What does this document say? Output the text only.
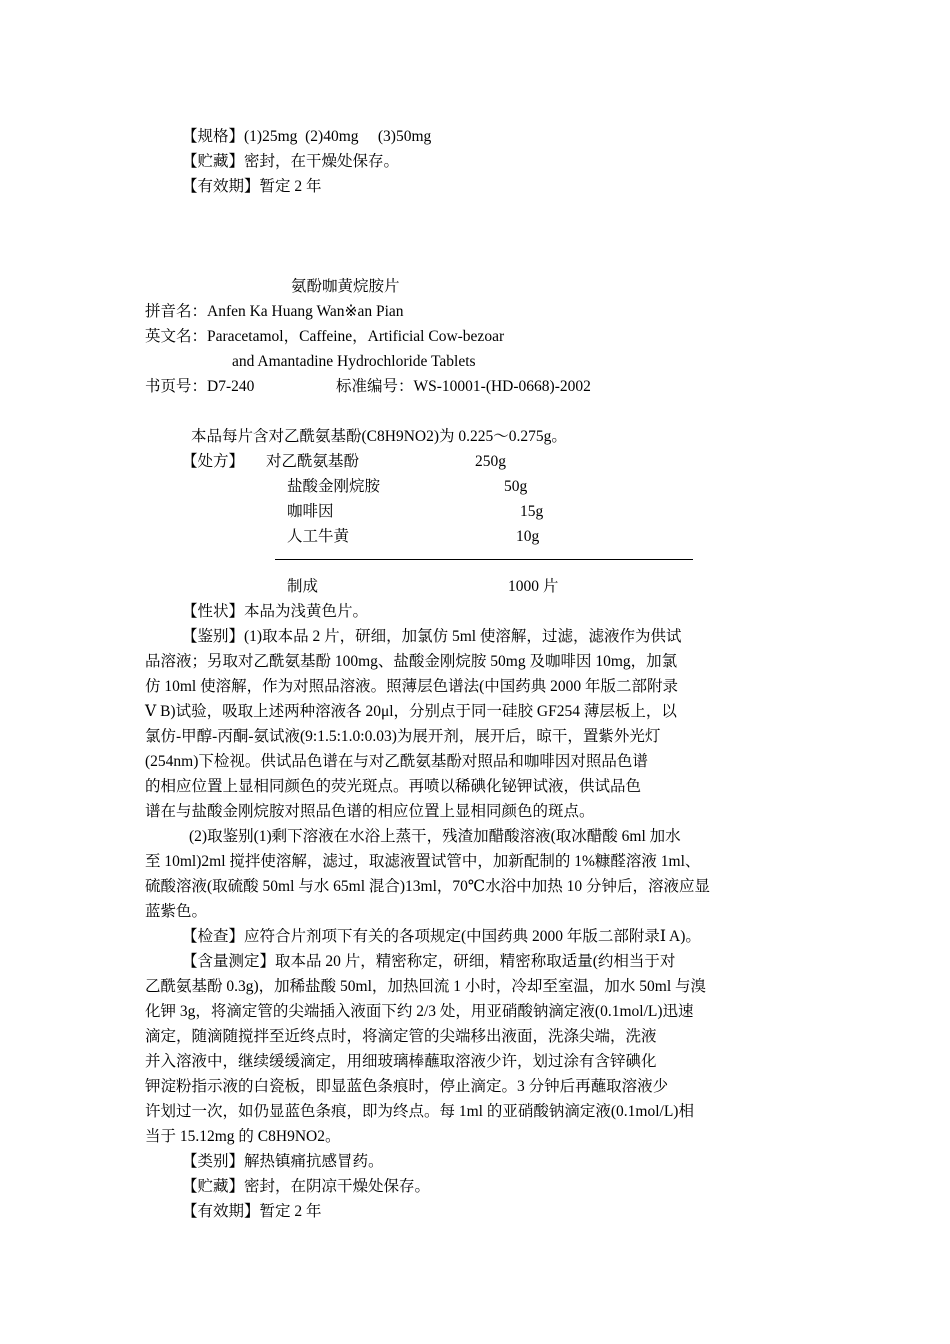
【规格】(1)25mg  (2)40mg     (3)50mg
【贮藏】密封，在干燥处保存。
【有效期】暂定 2 年
氨酚咖黄烷胺片
拼音名：Anfen Ka Huang Wan※an Pian
英文名：Paracetamol，Caffeine，Artificial Cow-bezoar
and Amantadine Hydrochloride Tablets
书页号：D7-240	标准编号：WS-10001-(HD-0668)-2002
本品每片含对乙酰氨基酚(C8H9NO2)为 0.225～0.275g。
【处方】 对乙酰氨基酚	250g
盐酸金刚烷胺	50g
咖啡因	15g
人工牛黄	10g
制成	1000 片
【性状】本品为浅黄色片。
【鉴别】(1)取本品 2 片，研细，加氯仿 5ml 使溶解，过滤，滤液作为供试
品溶液；另取对乙酰氨基酚 100mg、盐酸金刚烷胺 50mg 及咖啡因 10mg，加氯
仿 10ml 使溶解，作为对照品溶液。照薄层色谱法(中国药典 2000 年版二部附录
Ⅴ B)试验，吸取上述两种溶液各 20μl，分别点于同一硅胶 GF254 薄层板上，以
氯仿-甲醇-丙酮-氨试液(9:1.5:1.0:0.03)为展开剂，展开后，晾干，置紫外光灯
(254nm)下检视。供试品色谱在与对乙酰氨基酚对照品和咖啡因对照品色谱
的相应位置上显相同颜色的荧光斑点。再喷以稀碘化铋钾试液，供试品色
谱在与盐酸金刚烷胺对照品色谱的相应位置上显相同颜色的斑点。
(2)取鉴别(1)剩下溶液在水浴上蒸干，残渣加醋酸溶液(取冰醋酸 6ml 加水
至 10ml)2ml 搅拌使溶解，滤过，取滤液置试管中，加新配制的 1%糠醛溶液 1ml、
硫酸溶液(取硫酸 50ml 与水 65ml 混合)13ml，70℃水浴中加热 10 分钟后，溶液应显
蓝紫色。
【检查】应符合片剂项下有关的各项规定(中国药典 2000 年版二部附录Ⅰ A)。
【含量测定】取本品 20 片，精密称定，研细，精密称取适量(约相当于对
乙酰氨基酚 0.3g)，加稀盐酸 50ml，加热回流 1 小时，冷却至室温，加水 50ml 与溴
化钾 3g，将滴定管的尖端插入液面下约 2/3 处，用亚硝酸钠滴定液(0.1mol/L)迅速
滴定，随滴随搅拌至近终点时，将滴定管的尖端移出液面，洗涤尖端，洗液
并入溶液中，继续缓缓滴定，用细玻璃棒蘸取溶液少许，划过涂有含锌碘化
钾淀粉指示液的白瓷板，即显蓝色条痕时，停止滴定。3 分钟后再蘸取溶液少
许划过一次，如仍显蓝色条痕，即为终点。每 1ml 的亚硝酸钠滴定液(0.1mol/L)相
当于 15.12mg 的 C8H9NO2。
【类别】解热镇痛抗感冒药。
【贮藏】密封，在阴凉干燥处保存。
【有效期】暂定 2 年
